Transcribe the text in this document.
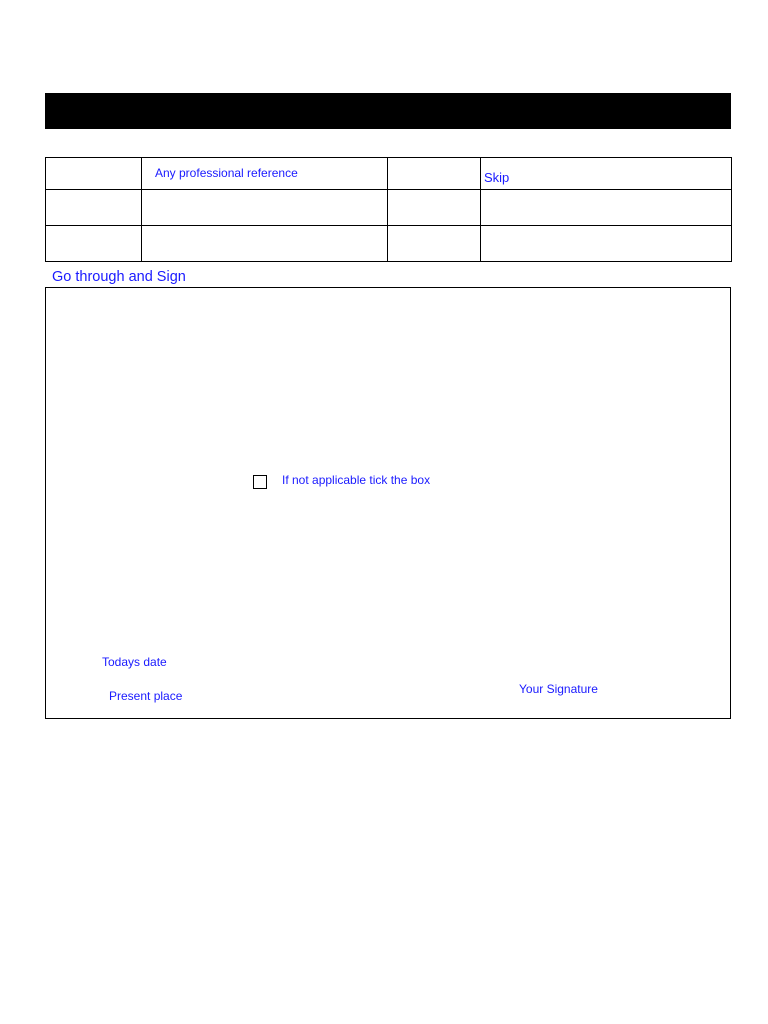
	Any professional reference		Skip

Go through and Sign
If not applicable tick the box
Todays date
Present place	Your Signature
